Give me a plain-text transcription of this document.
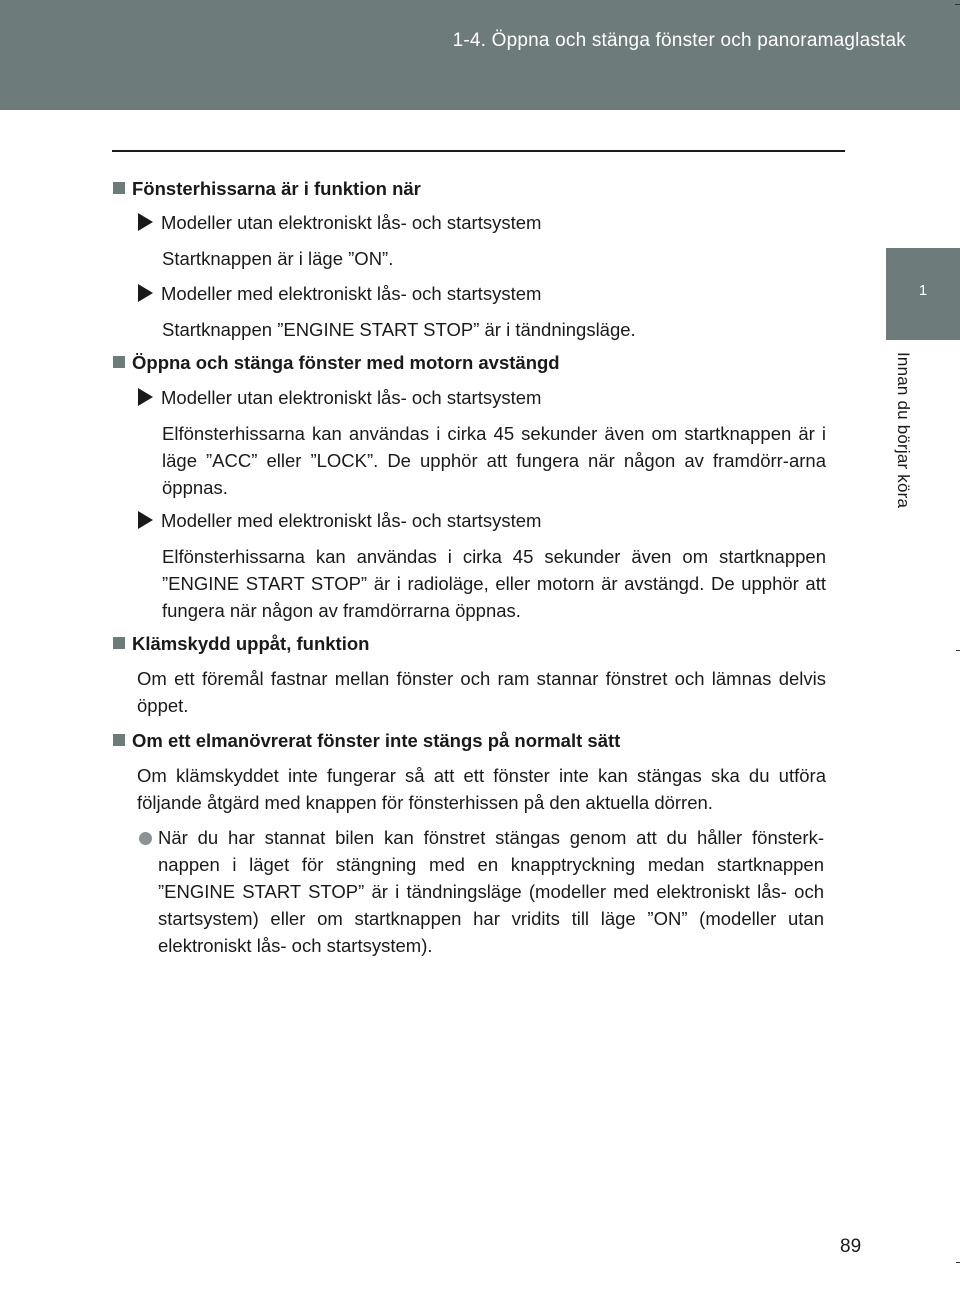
1-4. Öppna och stänga fönster och panoramaglastak
1
Innan du börjar köra
Fönsterhissarna är i funktion när
Modeller utan elektroniskt lås- och startsystem
Startknappen är i läge ”ON”.
Modeller med elektroniskt lås- och startsystem
Startknappen ”ENGINE START STOP” är i tändningsläge.
Öppna och stänga fönster med motorn avstängd
Modeller utan elektroniskt lås- och startsystem
Elfönsterhissarna kan användas i cirka 45 sekunder även om startknappen är i läge ”ACC” eller ”LOCK”. De upphör att fungera när någon av framdörr-arna öppnas.
Modeller med elektroniskt lås- och startsystem
Elfönsterhissarna kan användas i cirka 45 sekunder även om startknappen ”ENGINE START STOP” är i radioläge, eller motorn är avstängd. De upphör att fungera när någon av framdörrarna öppnas.
Klämskydd uppåt, funktion
Om ett föremål fastnar mellan fönster och ram stannar fönstret och lämnas delvis öppet.
Om ett elmanövrerat fönster inte stängs på normalt sätt
Om klämskyddet inte fungerar så att ett fönster inte kan stängas ska du utföra följande åtgärd med knappen för fönsterhissen på den aktuella dörren.
När du har stannat bilen kan fönstret stängas genom att du håller fönsterk-nappen i läget för stängning med en knapptryckning medan startknappen ”ENGINE START STOP” är i tändningsläge (modeller med elektroniskt lås- och startsystem) eller om startknappen har vridits till läge ”ON” (modeller utan elektroniskt lås- och startsystem).
89
